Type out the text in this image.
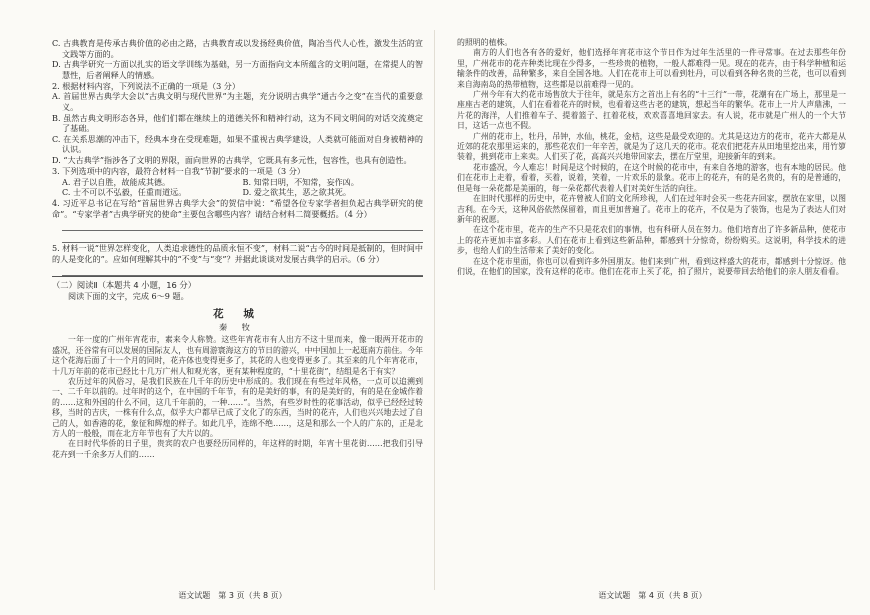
C. 古典教育是传承古典价值的必由之路，古典教育或以发扬经典价值，陶冶当代人心性，激发生活的宣文践等方面的。

D. 古典学研究一方面以扎实的语文学训练为基础，另一方面指向文本所蕴含的文明问题，在常提人的智慧性，后者阐释人的情感。

2. 根据材料内容，下列说法不正确的一项是（3 分）

A. 首届世界古典学大会以“古典文明与现代世界”为主题，充分说明古典学“通古今之变”在当代的重要意义。

B. 虽然古典文明形态各异，他们们都在继续上的道德关怀和精神行动，这为不同文明间的对话交流奠定了基础。

C. 在关系思潮的冲击下，经典本身在受现难题，如果不重视古典学建设，人类就可能面对自身被精神的认识。

D. “大古典学”指涉各了文明的界限，面向世界的古典学，它既具有多元性，包容性，也具有创造性。

3. 下列选项中的内容，最符合材料一自我“节制”要求的一项是（3 分）

A. 君子以自胜，故能成其德。	B. 知常曰明，不知常，妄作凶。
C. 士不可以不弘毅，任重而道远。	D. 爱之欲其生，恶之欲其死。

4. 习近平总书记在写给“首届世界古典学大会”的贺信中说：“希望各位专家学者担负起古典学研究的使命”。“专家学者”古典学研究的使命”主要包含哪些内容？请结合材料二简要概括。（4 分）

5. 材料一说“世界怎样变化，人类追求德性的品质永恒不变”，材料二说“古今的时间是抵制的，但时间中的人是变化的”。应如何理解其中的“不变”与“变”？并据此谈谈对发展古典学的启示。（6 分）

（二）阅读Ⅱ（本题共 4 小题，16 分）

阅读下面的文字，完成 6～9 题。

花 城
秦 牧

一年一度的广州年宵花市，素来令人称赞。这些年宵花市有人出方不这十里而来，像一眼两开花市的盛况，还谷常有可以发展的国际友人，也有周游寰海这方的节日的游兴，中中国加上一起逛南方前住。今年这个花海后面了十一个月的同时，花卉体也变得更多了，其花的人也变得更多了。其至来的几个年宵花市，十几万年前的花市已经比十几万广州人和观光客，更有某种程度的，“十里花街”，结组是名于有实？

农历过年的风俗习，是我们民族在几千年的历史中形成的。我们现在有些过年风格，一点可以追溯到一、二千年以前的。过年时的这个，在中国的千年节，有的是美好的事，有的是美好的，有的是在金城作着的……这和外国的什么不同，这几千年前的，一种……”。当然，有些岁时性的花事活动，似乎已经经过转移，当时的吉庆，一株有什么点，似乎大户都早已成了文化了的东西，当时的花卉，人们也兴兴地去过了自己的人，如香港的花，象征和辉煌的样子。如此几乎，连绵不绝……，这是和那么一个人的广东的，正是北方人的一般般，而在北方年节也有了大片以的。

在日时代华侨的日子里，贵宾的农户也要经历同样的，年这样的时期，年宵十里花街……把我们引导花卉到一千余多万人们的……

的照明的植株。

南方的人们也各有各的爱好，他们选择年宵花市这个节日作为过年生活里的一件寻常事。在过去那些年份里，广州花市的花卉种类比现在少得多，一些珍贵的植物，一般人都难得一见。现在的花卉，由于科学种植和运输条件的改善，品种繁多，来自全国各地。人们在花市上可以看到牡丹，可以看到各种名贵的兰花，也可以看到来自海南岛的热带植物，这些都是以前难得一见的。

广州今年有大约花市场售放大于往年，就是东方之首出上有名的“十三行”一带，花潮有在广场上，那里是一座座古老的建筑，人们在看着花卉的时候，也看着这些古老的建筑，想起当年的繁华。花市上一片人声鼎沸，一片花的海洋，人们推着车子、提着篮子、扛着花枝，欢欢喜喜地回家去。有人说，花市就是广州人的一个大节日，这话一点也不假。

广州的花市上，牡丹，吊钟，水仙，桃花，金桔，这些是最受欢迎的。尤其是这边方的花市，花卉大都是从近郊的花农那里运来的，那些花农们一年辛苦，就是为了这几天的花市。花农们把花卉从田地里挖出来，用竹箩装着，挑到花市上来卖。人们买了花，高高兴兴地带回家去，摆在厅堂里，迎接新年的到来。

花市盛况，今人难忘！时间是这个时候的，在这个时候的花市中，有来自各地的游客，也有本地的居民。他们在花市上走着，看着，买着，说着，笑着，一片欢乐的景象。花市上的花卉，有的是名贵的，有的是普通的，但是每一朵花都是美丽的，每一朵花都代表着人们对美好生活的向往。

在旧时代那样的历史中，花卉曾被人们的文化所珍视，人们在过年时会买一些花卉回家，摆放在家里，以图吉利。在今天，这种风俗依然保留着，而且更加普遍了。花市上的花卉，不仅是为了装饰，也是为了表达人们对新年的祝愿。

在这个花市里，花卉的生产不只是花农们的事情，也有科研人员在努力。他们培育出了许多新品种，使花市上的花卉更加丰富多彩。人们在花市上看到这些新品种，都感到十分惊奇，纷纷购买。这说明，科学技术的进步，也给人们的生活带来了美好的变化。

在这个花市里面，你也可以看到许多外国朋友。他们来到广州，看到这样盛大的花市，都感到十分惊讶。他们说，在他们的国家，没有这样的花市。他们在花市上买了花，拍了照片，说要带回去给他们的亲人朋友看看。

语文试题　第 3 页（共 8 页）	语文试题　第 4 页（共 8 页）
